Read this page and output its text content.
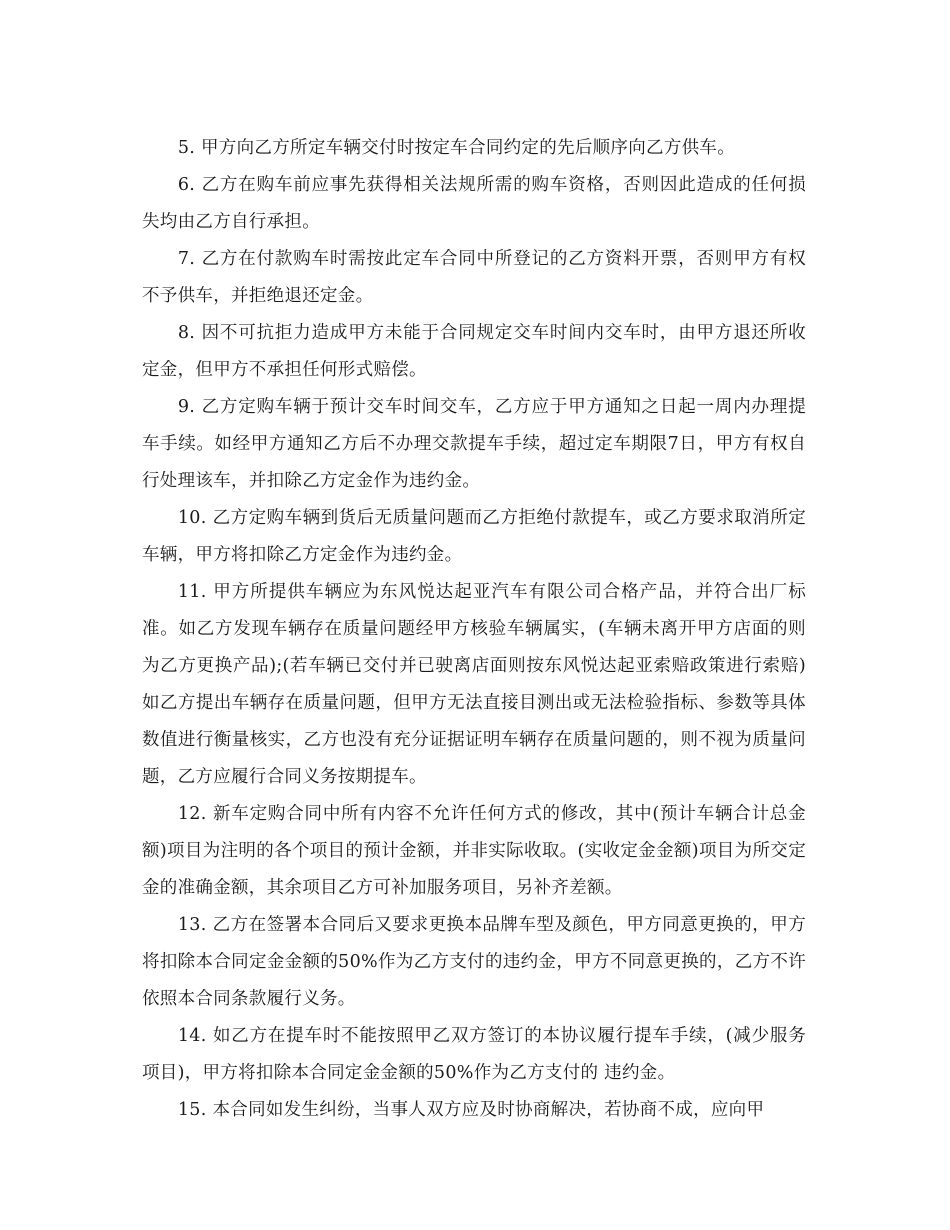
5. 甲方向乙方所定车辆交付时按定车合同约定的先后顺序向乙方供车。

6. 乙方在购车前应事先获得相关法规所需的购车资格，否则因此造成的任何损失均由乙方自行承担。

7. 乙方在付款购车时需按此定车合同中所登记的乙方资料开票，否则甲方有权不予供车，并拒绝退还定金。

8. 因不可抗拒力造成甲方未能于合同规定交车时间内交车时，由甲方退还所收定金，但甲方不承担任何形式赔偿。

9. 乙方定购车辆于预计交车时间交车，乙方应于甲方通知之日起一周内办理提车手续。如经甲方通知乙方后不办理交款提车手续，超过定车期限7日，甲方有权自行处理该车，并扣除乙方定金作为违约金。

10. 乙方定购车辆到货后无质量问题而乙方拒绝付款提车，或乙方要求取消所定车辆，甲方将扣除乙方定金作为违约金。

11. 甲方所提供车辆应为东风悦达起亚汽车有限公司合格产品，并符合出厂标准。如乙方发现车辆存在质量问题经甲方核验车辆属实，(车辆未离开甲方店面的则为乙方更换产品);(若车辆已交付并已驶离店面则按东风悦达起亚索赔政策进行索赔)如乙方提出车辆存在质量问题，但甲方无法直接目测出或无法检验指标、参数等具体数值进行衡量核实，乙方也没有充分证据证明车辆存在质量问题的，则不视为质量问题，乙方应履行合同义务按期提车。

12. 新车定购合同中所有内容不允许任何方式的修改，其中(预计车辆合计总金额)项目为注明的各个项目的预计金额，并非实际收取。(实收定金金额)项目为所交定金的准确金额，其余项目乙方可补加服务项目，另补齐差额。

13. 乙方在签署本合同后又要求更换本品牌车型及颜色，甲方同意更换的，甲方将扣除本合同定金金额的50%作为乙方支付的违约金，甲方不同意更换的，乙方不许依照本合同条款履行义务。

14. 如乙方在提车时不能按照甲乙双方签订的本协议履行提车手续，(减少服务项目)，甲方将扣除本合同定金金额的50%作为乙方支付的 违约金。

15. 本合同如发生纠纷，当事人双方应及时协商解决，若协商不成，应向甲
